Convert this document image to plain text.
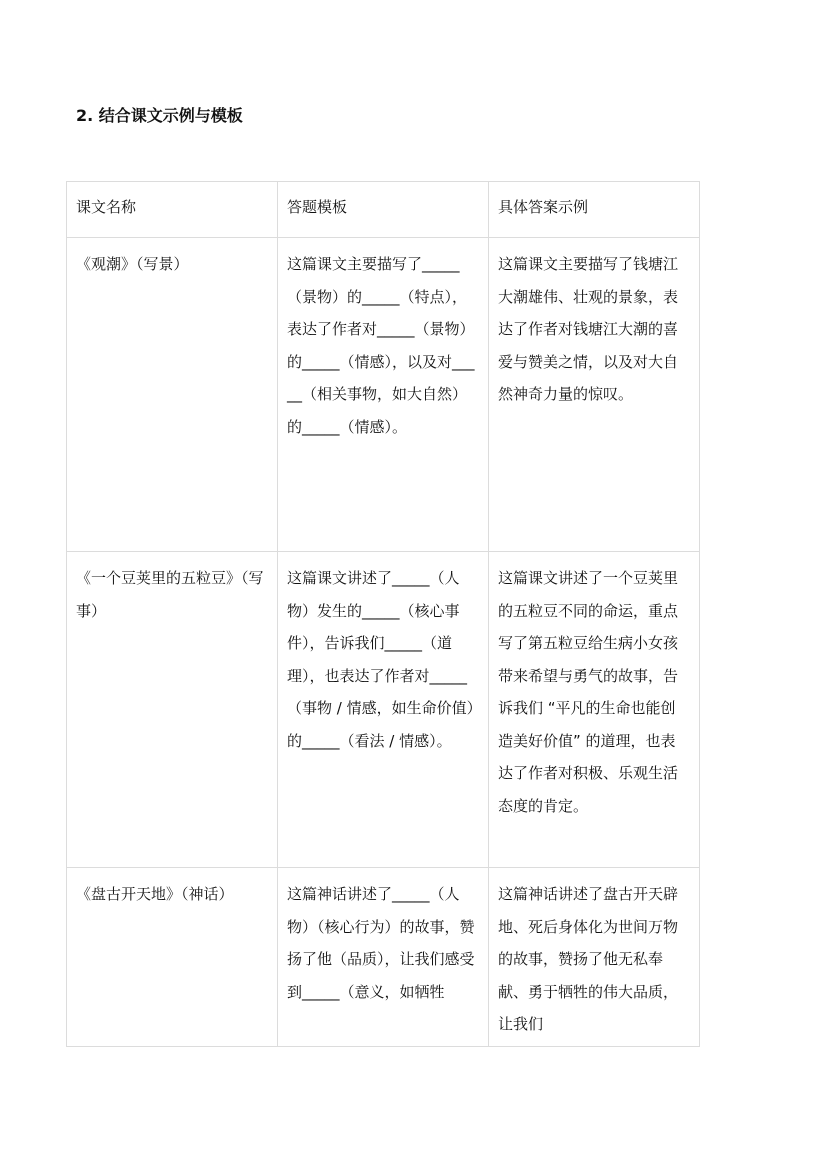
2. 结合课文示例与模板
课文名称	答题模板	具体答案示例
《观潮》（写景）	这篇课文主要描写了_____（景物）的_____（特点），表达了作者对_____（景物）的_____（情感），以及对_____（相关事物，如大自然）的_____（情感）。	这篇课文主要描写了钱塘江大潮雄伟、壮观的景象，表达了作者对钱塘江大潮的喜爱与赞美之情，以及对大自然神奇力量的惊叹。
《一个豆荚里的五粒豆》（写事）	这篇课文讲述了_____（人物）发生的_____（核心事件），告诉我们_____（道理），也表达了作者对_____（事物 / 情感，如生命价值）的_____（看法 / 情感）。	这篇课文讲述了一个豆荚里的五粒豆不同的命运，重点写了第五粒豆给生病小女孩带来希望与勇气的故事，告诉我们 “平凡的生命也能创造美好价值” 的道理，也表达了作者对积极、乐观生活态度的肯定。

《盘古开天地》（神话）	这篇神话讲述了_____（人物）（核心行为）的故事，赞扬了他（品质），让我们感受到_____（意义，如牺牲	这篇神话讲述了盘古开天辟地、死后身体化为世间万物的故事，赞扬了他无私奉献、勇于牺牲的伟大品质，让我们
